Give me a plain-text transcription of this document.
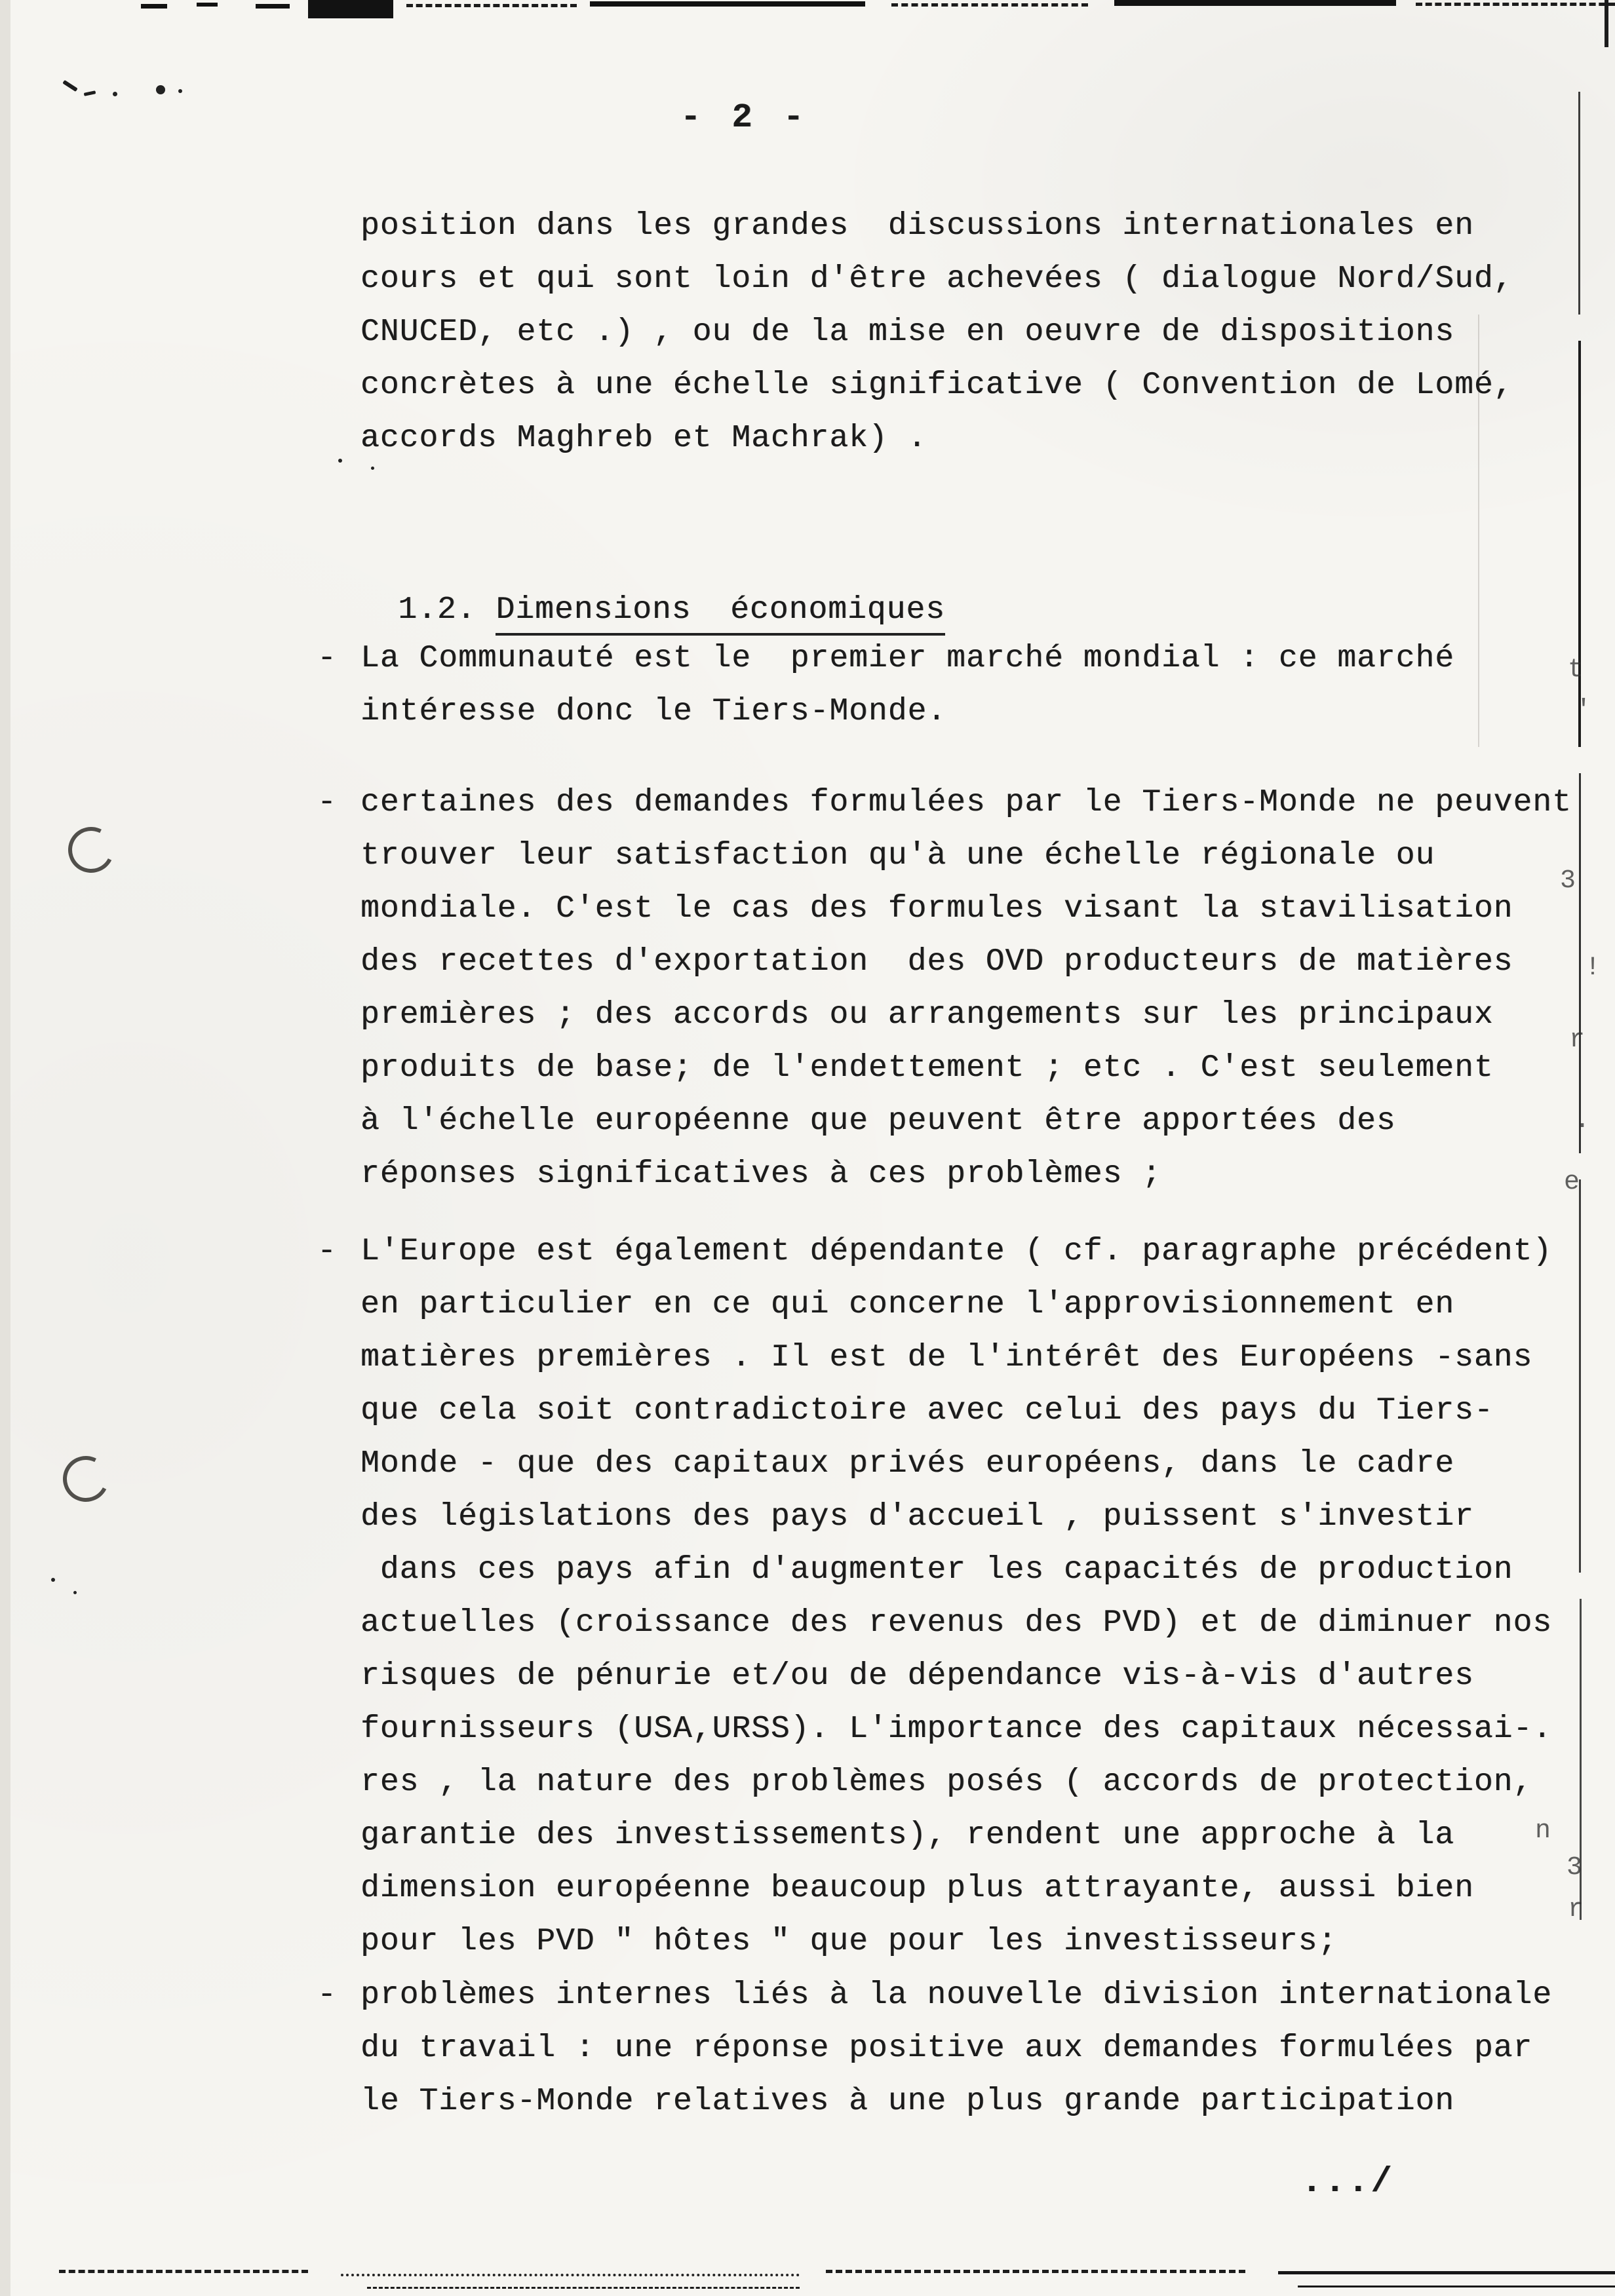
t
'
3
!
r
.
e
n
3
r
- 2 -
position dans les grandes  discussions internationales en
cours et qui sont loin d'être achevées ( dialogue Nord/Sud,
CNUCED, etc .) , ou de la mise en oeuvre de dispositions
concrètes à une échelle significative ( Convention de Lomé,
accords Maghreb et Machrak) .

1.2. Dimensions  économiques

- La Communauté est le  premier marché mondial : ce marché
intéresse donc le Tiers-Monde.
- certaines des demandes formulées par le Tiers-Monde ne peuvent
trouver leur satisfaction qu'à une échelle régionale ou
mondiale. C'est le cas des formules visant la stavilisation
des recettes d'exportation  des OVD producteurs de matières
premières ; des accords ou arrangements sur les principaux
produits de base; de l'endettement ; etc . C'est seulement
à l'échelle européenne que peuvent être apportées des
réponses significatives à ces problèmes ;
- L'Europe est également dépendante ( cf. paragraphe précédent)
en particulier en ce qui concerne l'approvisionnement en
matières premières . Il est de l'intérêt des Européens -sans
que cela soit contradictoire avec celui des pays du Tiers-
Monde - que des capitaux privés européens, dans le cadre
des législations des pays d'accueil , puissent s'investir
dans ces pays afin d'augmenter les capacités de production
actuelles (croissance des revenus des PVD) et de diminuer nos
risques de pénurie et/ou de dépendance vis-à-vis d'autres
fournisseurs (USA,URSS). L'importance des capitaux nécessai-.
res , la nature des problèmes posés ( accords de protection,
garantie des investissements), rendent une approche à la
dimension européenne beaucoup plus attrayante, aussi bien
pour les PVD " hôtes " que pour les investisseurs;
- problèmes internes liés à la nouvelle division internationale
du travail : une réponse positive aux demandes formulées par
le Tiers-Monde relatives à une plus grande participation
.../
